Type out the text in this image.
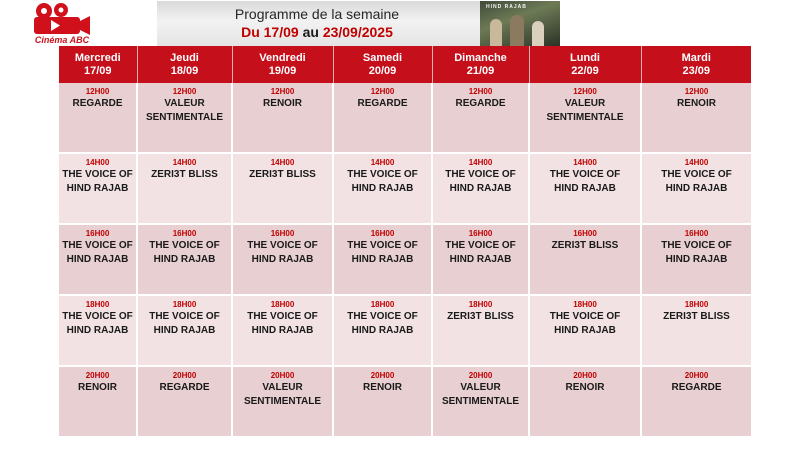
Cinéma ABC
Programme de la semaine
Du 17/09 au 23/09/2025
HIND RAJAB
Mercredi
17/09	Jeudi
18/09	Vendredi
19/09	Samedi
20/09	Dimanche
21/09	Lundi
22/09	Mardi
23/09

12H00
REGARDE	12H00
VALEUR
SENTIMENTALE	12H00
RENOIR	12H00
REGARDE	12H00
REGARDE	12H00
VALEUR
SENTIMENTALE	12H00
RENOIR

14H00
THE VOICE OF
HIND RAJAB	14H00
ZERI3T BLISS	14H00
ZERI3T BLISS	14H00
THE VOICE OF
HIND RAJAB	14H00
THE VOICE OF
HIND RAJAB	14H00
THE VOICE OF
HIND RAJAB	14H00
THE VOICE OF
HIND RAJAB

16H00
THE VOICE OF
HIND RAJAB	16H00
THE VOICE OF
HIND RAJAB	16H00
THE VOICE OF
HIND RAJAB	16H00
THE VOICE OF
HIND RAJAB	16H00
THE VOICE OF
HIND RAJAB	16H00
ZERI3T BLISS	16H00
THE VOICE OF
HIND RAJAB

18H00
THE VOICE OF
HIND RAJAB	18H00
THE VOICE OF
HIND RAJAB	18H00
THE VOICE OF
HIND RAJAB	18H00
THE VOICE OF
HIND RAJAB	18H00
ZERI3T BLISS	18H00
THE VOICE OF
HIND RAJAB	18H00
ZERI3T BLISS

20H00
RENOIR	20H00
REGARDE	20H00
VALEUR
SENTIMENTALE	20H00
RENOIR	20H00
VALEUR
SENTIMENTALE	20H00
RENOIR	20H00
REGARDE
